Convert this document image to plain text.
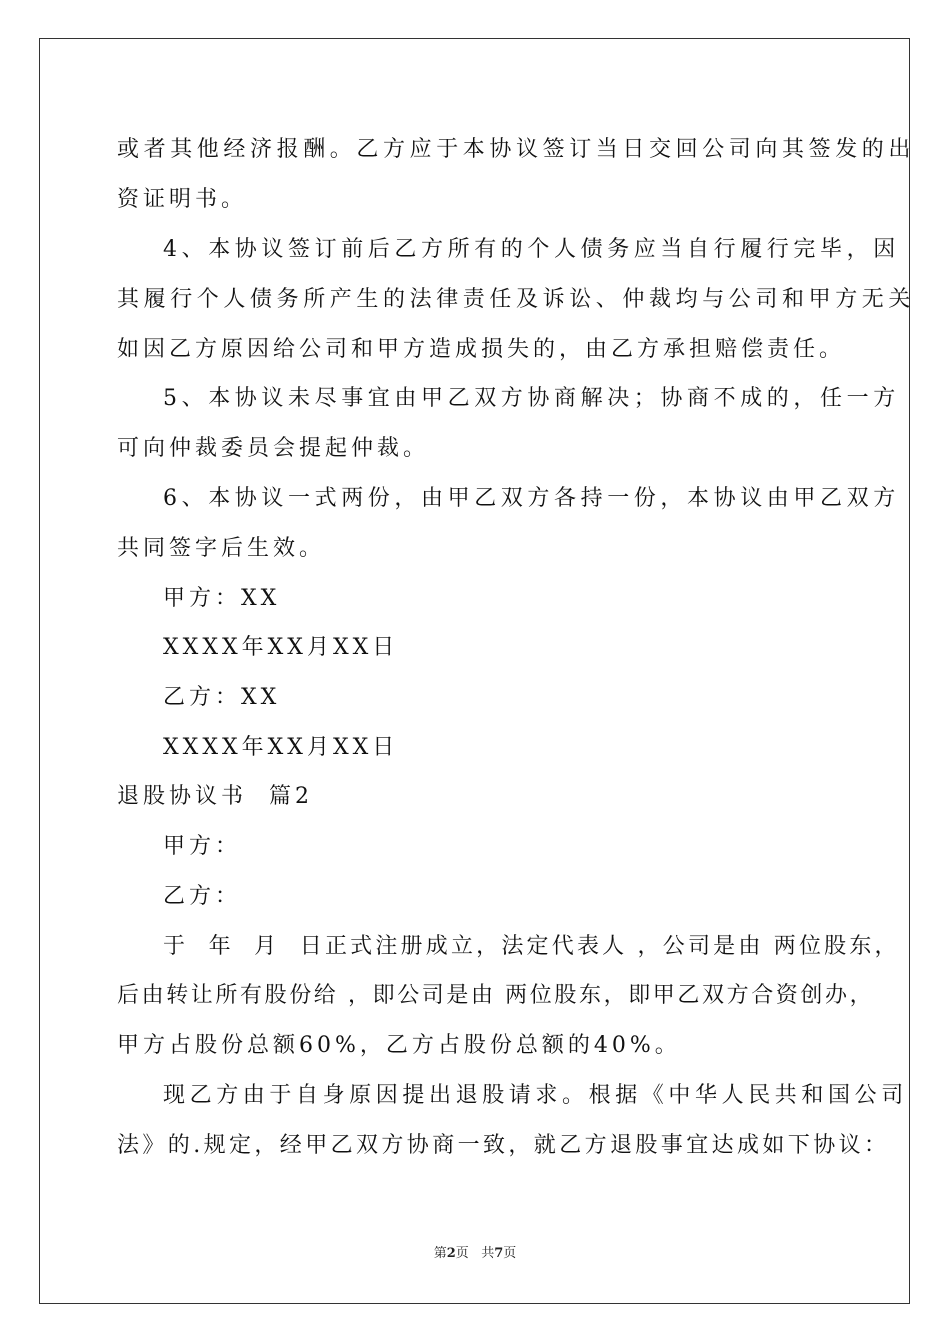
或者其他经济报酬。乙方应于本协议签订当日交回公司向其签发的出
资证明书。
4、本协议签订前后乙方所有的个人债务应当自行履行完毕，因
其履行个人债务所产生的法律责任及诉讼、仲裁均与公司和甲方无关
如因乙方原因给公司和甲方造成损失的，由乙方承担赔偿责任。
5、本协议未尽事宜由甲乙双方协商解决；协商不成的，任一方
可向仲裁委员会提起仲裁。
6、本协议一式两份，由甲乙双方各持一份，本协议由甲乙双方
共同签字后生效。
甲方：XX
XXXX年XX月XX日
乙方：XX
XXXX年XX月XX日
退股协议书  篇2
甲方：
乙方：
于  年  月  日正式注册成立，法定代表人 ，公司是由 两位股东，
后由转让所有股份给 ，即公司是由 两位股东，即甲乙双方合资创办，
甲方占股份总额60%，乙方占股份总额的40%。
现乙方由于自身原因提出退股请求。根据《中华人民共和国公司
法》的.规定，经甲乙双方协商一致，就乙方退股事宜达成如下协议：
第2页 共7页
